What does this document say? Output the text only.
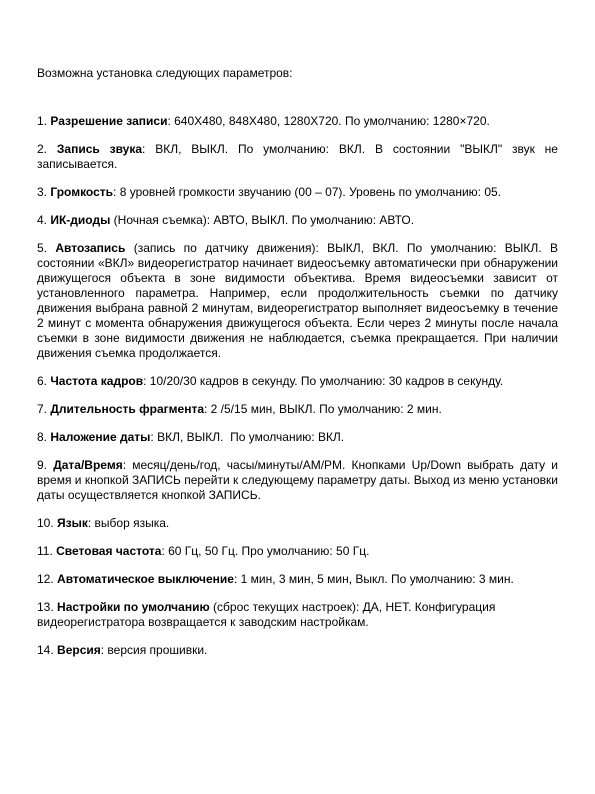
Возможна установка следующих параметров:

1. Разрешение записи: 640X480, 848X480, 1280X720. По умолчанию: 1280×720.

2. Запись звука: ВКЛ, ВЫКЛ. По умолчанию: ВКЛ. В состоянии "ВЫКЛ" звук не записывается.

3. Громкость: 8 уровней громкости звучанию (00 – 07). Уровень по умолчанию: 05.

4. ИК-диоды (Ночная съемка): АВТО, ВЫКЛ. По умолчанию: АВТО.

5. Автозапись (запись по датчику движения): ВЫКЛ, ВКЛ. По умолчанию: ВЫКЛ. В состоянии «ВКЛ» видеорегистратор начинает видеосъемку автоматически при обнаружении движущегося объекта в зоне видимости объектива. Время видеосъемки зависит от установленного параметра. Например, если продолжительность съемки по датчику движения выбрана равной 2 минутам, видеорегистратор выполняет видеосъемку в течение 2 минут с момента обнаружения движущегося объекта. Если через 2 минуты после начала съемки в зоне видимости движения не наблюдается, съемка прекращается. При наличии движения съемка продолжается.

6. Частота кадров: 10/20/30 кадров в секунду. По умолчанию: 30 кадров в секунду.

7. Длительность фрагмента: 2 /5/15 мин, ВЫКЛ. По умолчанию: 2 мин.

8. Наложение даты: ВКЛ, ВЫКЛ.  По умолчанию: ВКЛ.

9. Дата/Время: месяц/день/год, часы/минуты/AM/PM. Кнопками Up/Down выбрать дату и время и кнопкой ЗАПИСЬ перейти к следующему параметру даты. Выход из меню установки даты осуществляется кнопкой ЗАПИСЬ.

10. Язык: выбор языка.

11. Световая частота: 60 Гц, 50 Гц. Про умолчанию: 50 Гц.

12. Автоматическое выключение: 1 мин, 3 мин, 5 мин, Выкл. По умолчанию: 3 мин.

13. Настройки по умолчанию (сброс текущих настроек): ДА, НЕТ. Конфигурация видеорегистратора возвращается к заводским настройкам.

14. Версия: версия прошивки.
